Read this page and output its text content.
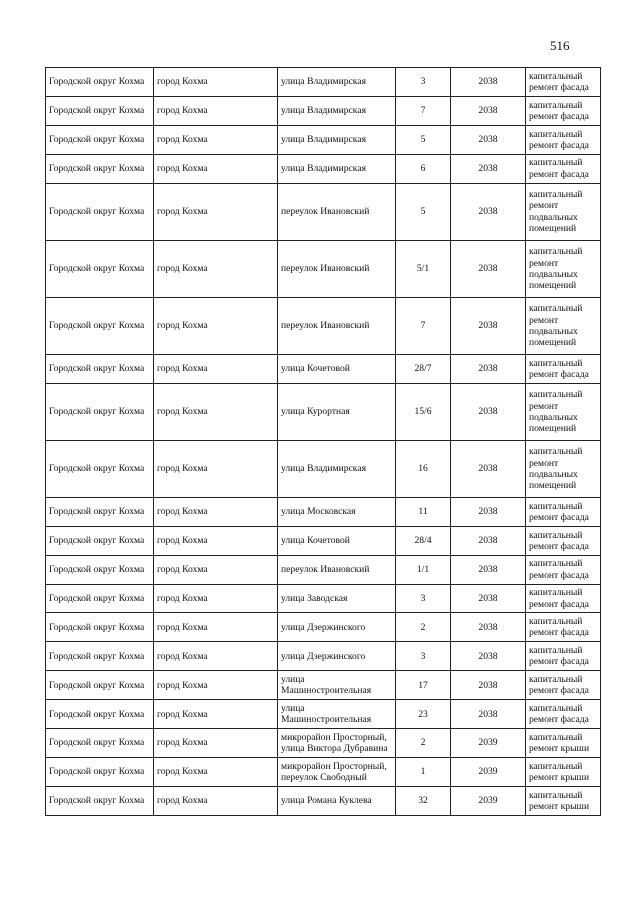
516
Городской округ Кохма	город Кохма	улица Владимирская	3	2038	капитальный ремонт фасада
Городской округ Кохма	город Кохма	улица Владимирская	7	2038	капитальный ремонт фасада
Городской округ Кохма	город Кохма	улица Владимирская	5	2038	капитальный ремонт фасада
Городской округ Кохма	город Кохма	улица Владимирская	6	2038	капитальный ремонт фасада
Городской округ Кохма	город Кохма	переулок Ивановский	5	2038	капитальный ремонт подвальных помещений
Городской округ Кохма	город Кохма	переулок Ивановский	5/1	2038	капитальный ремонт подвальных помещений
Городской округ Кохма	город Кохма	переулок Ивановский	7	2038	капитальный ремонт подвальных помещений
Городской округ Кохма	город Кохма	улица Кочетовой	28/7	2038	капитальный ремонт фасада
Городской округ Кохма	город Кохма	улица Курортная	15/6	2038	капитальный ремонт подвальных помещений
Городской округ Кохма	город Кохма	улица Владимирская	16	2038	капитальный ремонт подвальных помещений
Городской округ Кохма	город Кохма	улица Московская	11	2038	капитальный ремонт фасада
Городской округ Кохма	город Кохма	улица Кочетовой	28/4	2038	капитальный ремонт фасада
Городской округ Кохма	город Кохма	переулок Ивановский	1/1	2038	капитальный ремонт фасада
Городской округ Кохма	город Кохма	улица Заводская	3	2038	капитальный ремонт фасада
Городской округ Кохма	город Кохма	улица Дзержинского	2	2038	капитальный ремонт фасада
Городской округ Кохма	город Кохма	улица Дзержинского	3	2038	капитальный ремонт фасада
Городской округ Кохма	город Кохма	улица Машиностроительная	17	2038	капитальный ремонт фасада
Городской округ Кохма	город Кохма	улица Машиностроительная	23	2038	капитальный ремонт фасада
Городской округ Кохма	город Кохма	микрорайон Просторный, улица Виктора Дубравина	2	2039	капитальный ремонт крыши
Городской округ Кохма	город Кохма	микрорайон Просторный, переулок Свободный	1	2039	капитальный ремонт крыши
Городской округ Кохма	город Кохма	улица Романа Куклева	32	2039	капитальный ремонт крыши
